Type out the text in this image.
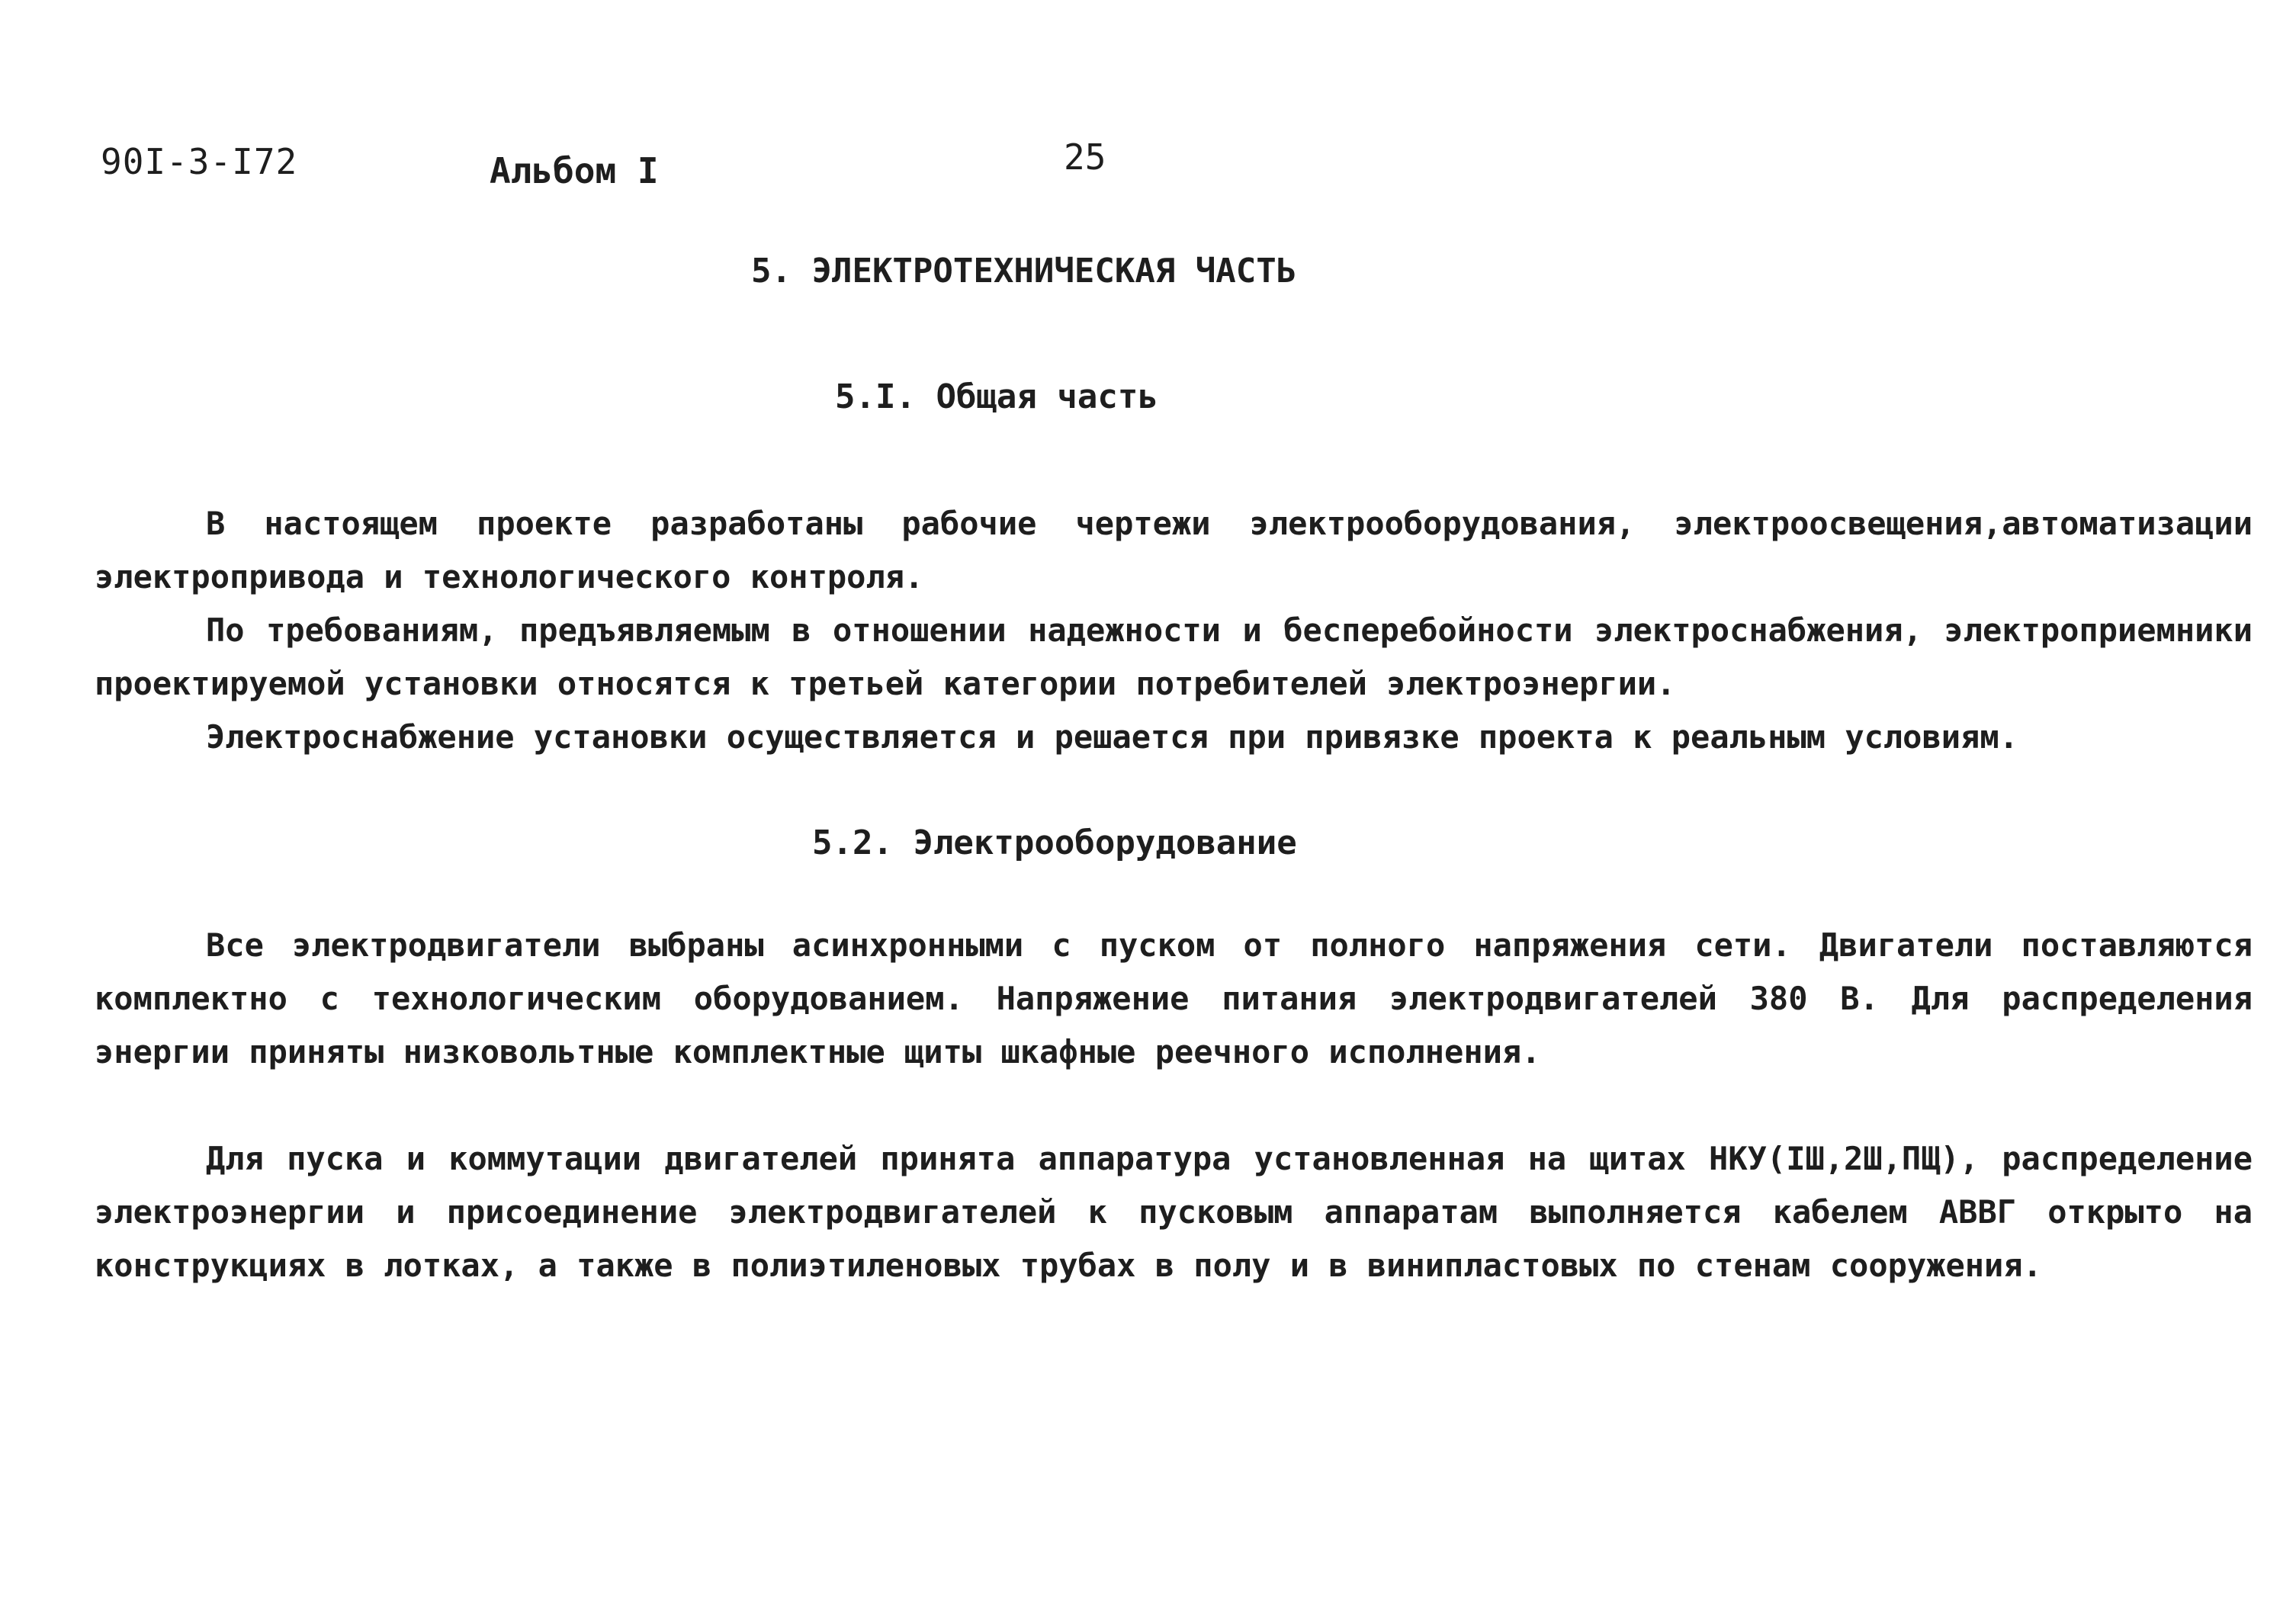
90I-3-I72	Альбом I	25
5. ЭЛЕКТРОТЕХНИЧЕСКАЯ ЧАСТЬ
5.I. Общая часть

В настоящем проекте разработаны рабочие чертежи электрооборудования, электроосвещения,автоматизации электропривода и технологического контроля.

По требованиям, предъявляемым в отношении надежности и бесперебойности электроснабжения, электроприемники проектируемой установки относятся к третьей категории потребителей электроэнергии.

Электроснабжение установки осуществляется и решается при привязке проекта к реальным условиям.

5.2. Электрооборудование

Все электродвигатели выбраны асинхронными с пуском от полного напряжения сети. Двигатели поставляются комплектно с технологическим оборудованием. Напряжение питания электродвигателей 380 В. Для распределения энергии приняты низковольтные комплектные щиты шкафные реечного исполнения.

Для пуска и коммутации двигателей принята аппаратура установленная на щитах НКУ(IШ,2Ш,ПЩ), распределение электроэнергии и присоединение электродвигателей к пусковым аппаратам выполняется кабелем АВВГ открыто на конструкциях в лотках, а также в полиэтиленовых трубах в полу и в винипластовых по стенам сооружения.
